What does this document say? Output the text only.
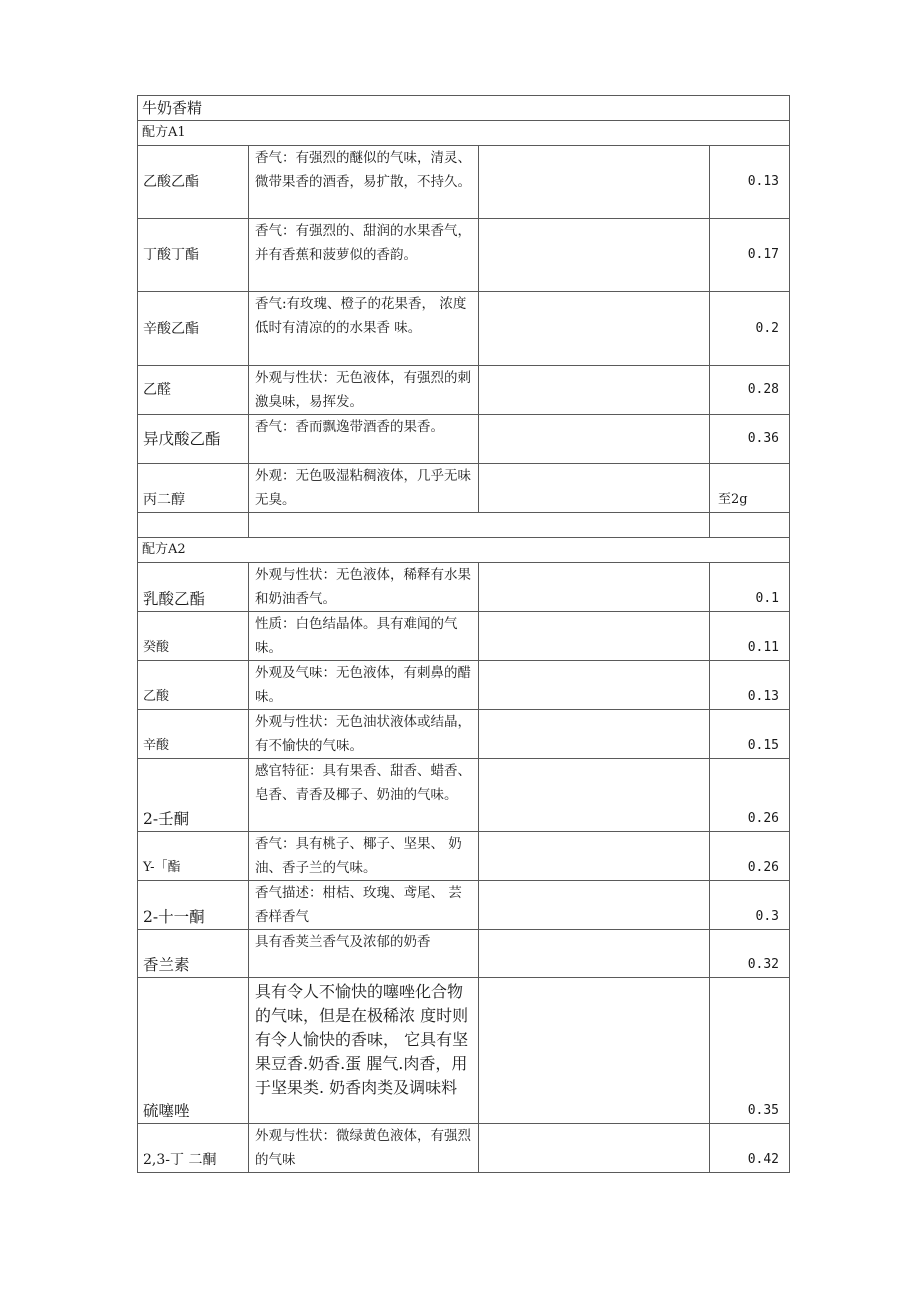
牛奶香精			
配方A1			
乙酸乙酯	香气：有强烈的醚似的气味，清灵、微带果香的酒香，易扩散，不持久。		0.13
丁酸丁酯	香气：有强烈的、甜润的水果香气，并有香蕉和菠萝似的香韵。		0.17
辛酸乙酯	香气:有玫瑰、橙子的花果香， 浓度低时有清凉的的水果香 味。		0.2
乙醛	外观与性状：无色液体，有强烈的刺激臭味，易挥发。		0.28
异戊酸乙酯	香气：香而飘逸带酒香的果香。		0.36
丙二醇	外观：无色吸湿粘稠液体，几乎无味无臭。		至2g

配方A2			
乳酸乙酯	外观与性状：无色液体，稀释有水果和奶油香气。		0.1
癸酸	性质：白色结晶体。具有难闻的气味。		0.11
乙酸	外观及气味：无色液体，有刺鼻的醋味。		0.13
辛酸	外观与性状：无色油状液体或结晶，有不愉快的气味。		0.15
2-壬酮	感官特征：具有果香、甜香、蜡香、皂香、青香及椰子、奶油的气味。		0.26
Y-「酯	香气：具有桃子、椰子、坚果、 奶油、香子兰的气味。		0.26
2-十一酮	香气描述：柑桔、玫瑰、鸢尾、 芸香样香气		0.3
香兰素	具有香荚兰香气及浓郁的奶香		0.32
硫噻唑	具有令人不愉快的噻唑化合物的气味，但是在极稀浓 度时则有令人愉快的香味， 它具有坚果豆香.奶香.蛋 腥气.肉香，用于坚果类. 奶香肉类及调味料		0.35
2,3-丁 二酮	外观与性状：微绿黄色液体，有强烈的气味		0.42
